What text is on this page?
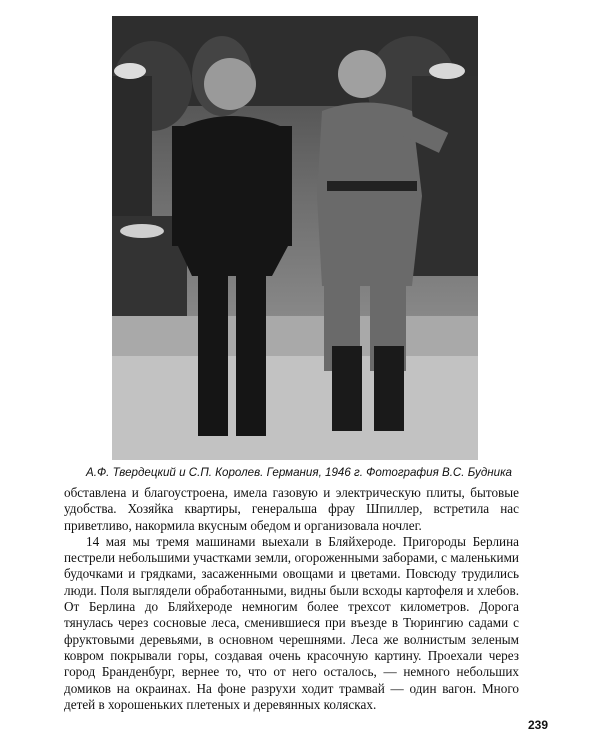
А.Ф. Твердецкий и С.П. Королев. Германия, 1946 г. Фотография В.С. Будника

обставлена и благоустроена, имела газовую и электрическую плиты, бытовые удобства. Хозяйка квартиры, генеральша фрау Шпиллер, встретила нас приветливо, накормила вкусным обедом и организовала ночлег.

14 мая мы тремя машинами выехали в Бляйхероде. Пригороды Берлина пестрели небольшими участками земли, огороженными заборами, с маленькими будочками и грядками, засаженными овощами и цветами. Повсюду трудились люди. Поля выглядели обработанными, видны были всходы картофеля и хлебов. От Берлина до Бляйхероде немногим более трехсот километров. Дорога тянулась через сосновые леса, сменившиеся при въезде в Тюрингию садами с фруктовыми деревьями, в основном черешнями. Леса же волнистым зеленым ковром покрывали горы, создавая очень красочную картину. Проехали через город Бранденбург, вернее то, что от него осталось, — немного небольших домиков на окраинах. На фоне разрухи ходит трамвай — один вагон. Много детей в хорошеньких плетеных и деревянных колясках.

239
